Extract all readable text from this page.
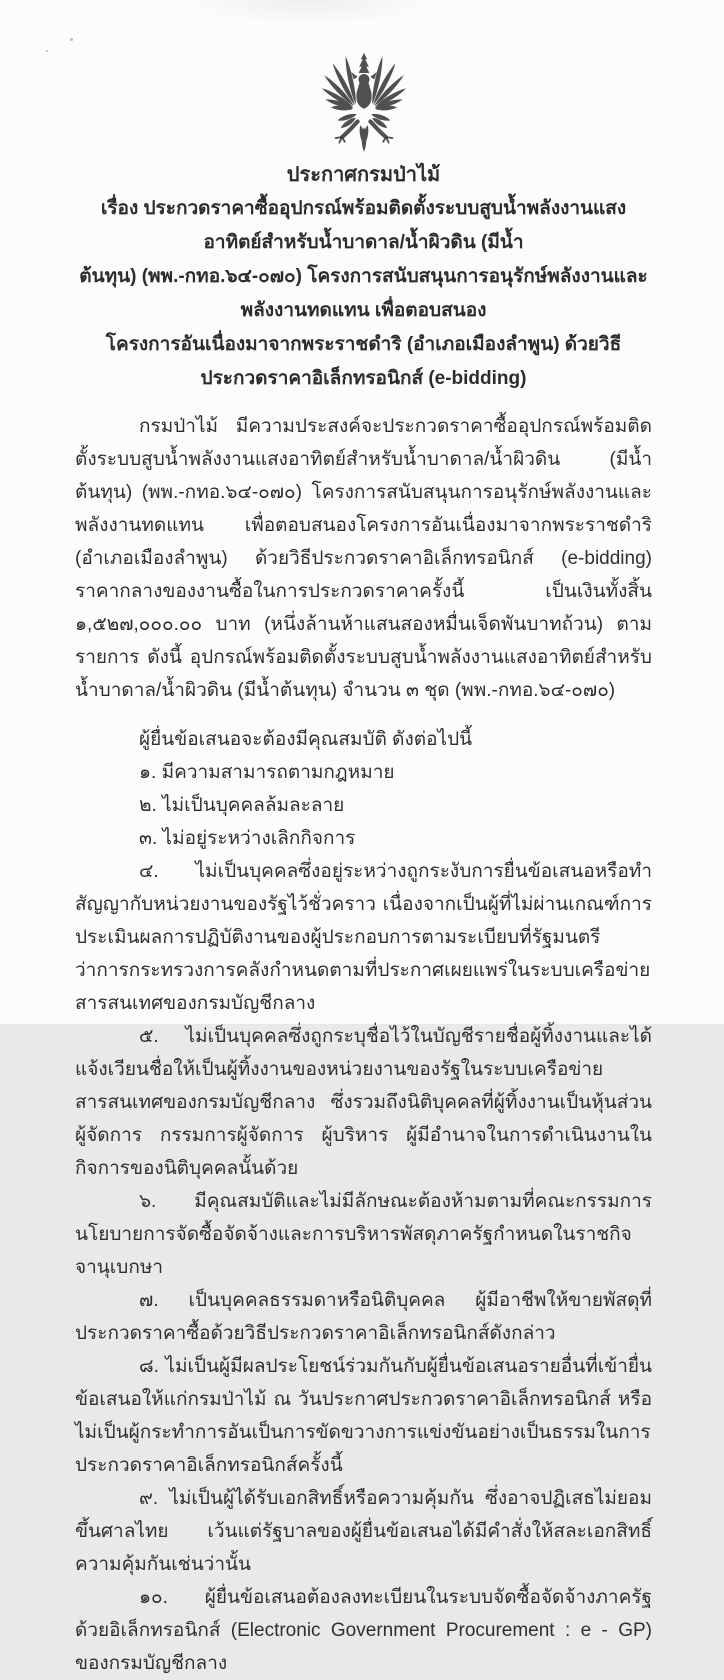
ประกาศกรมป่าไม้
เรื่อง ประกวดราคาซื้ออุปกรณ์พร้อมติดตั้งระบบสูบน้ำพลังงานแสงอาทิตย์สำหรับน้ำบาดาล/น้ำผิวดิน (มีน้ำ
ต้นทุน) (พพ.-กทอ.๖๔-๐๗๐) โครงการสนับสนุนการอนุรักษ์พลังงานและพลังงานทดแทน เพื่อตอบสนอง
โครงการอันเนื่องมาจากพระราชดำริ (อำเภอเมืองลำพูน) ด้วยวิธีประกวดราคาอิเล็กทรอนิกส์ (e-bidding)

กรมป่าไม้ มีความประสงค์จะประกวดราคาซื้ออุปกรณ์พร้อมติดตั้งระบบสูบน้ำพลังงานแสงอาทิตย์สำหรับน้ำบาดาล/น้ำผิวดิน (มีน้ำต้นทุน) (พพ.-กทอ.๖๔-๐๗๐) โครงการสนับสนุนการอนุรักษ์พลังงานและพลังงานทดแทน เพื่อตอบสนองโครงการอันเนื่องมาจากพระราชดำริ (อำเภอเมืองลำพูน) ด้วยวิธีประกวดราคาอิเล็กทรอนิกส์ (e-bidding) ราคากลางของงานซื้อในการประกวดราคาครั้งนี้ เป็นเงินทั้งสิ้น ๑,๕๒๗,๐๐๐.๐๐ บาท (หนึ่งล้านห้าแสนสองหมื่นเจ็ดพันบาทถ้วน) ตามรายการ ดังนี้ อุปกรณ์พร้อมติดตั้งระบบสูบน้ำพลังงานแสงอาทิตย์สำหรับน้ำบาดาล/น้ำผิวดิน (มีน้ำต้นทุน) จำนวน ๓ ชุด (พพ.-กทอ.๖๔-๐๗๐)

ผู้ยื่นข้อเสนอจะต้องมีคุณสมบัติ ดังต่อไปนี้

๑. มีความสามารถตามกฎหมาย

๒. ไม่เป็นบุคคลล้มละลาย

๓. ไม่อยู่ระหว่างเลิกกิจการ

๔. ไม่เป็นบุคคลซึ่งอยู่ระหว่างถูกระงับการยื่นข้อเสนอหรือทำสัญญากับหน่วยงานของรัฐไว้ชั่วคราว เนื่องจากเป็นผู้ที่ไม่ผ่านเกณฑ์การประเมินผลการปฏิบัติงานของผู้ประกอบการตามระเบียบที่รัฐมนตรีว่าการกระทรวงการคลังกำหนดตามที่ประกาศเผยแพร่ในระบบเครือข่ายสารสนเทศของกรมบัญชีกลาง

๕. ไม่เป็นบุคคลซึ่งถูกระบุชื่อไว้ในบัญชีรายชื่อผู้ทิ้งงานและได้แจ้งเวียนชื่อให้เป็นผู้ทิ้งงานของหน่วยงานของรัฐในระบบเครือข่ายสารสนเทศของกรมบัญชีกลาง ซึ่งรวมถึงนิติบุคคลที่ผู้ทิ้งงานเป็นหุ้นส่วนผู้จัดการ กรรมการผู้จัดการ ผู้บริหาร ผู้มีอำนาจในการดำเนินงานในกิจการของนิติบุคคลนั้นด้วย

๖. มีคุณสมบัติและไม่มีลักษณะต้องห้ามตามที่คณะกรรมการนโยบายการจัดซื้อจัดจ้างและการบริหารพัสดุภาครัฐกำหนดในราชกิจจานุเบกษา

๗. เป็นบุคคลธรรมดาหรือนิติบุคคล ผู้มีอาชีพให้ขายพัสดุที่ประกวดราคาซื้อด้วยวิธีประกวดราคาอิเล็กทรอนิกส์ดังกล่าว

๘. ไม่เป็นผู้มีผลประโยชน์ร่วมกันกับผู้ยื่นข้อเสนอรายอื่นที่เข้ายื่นข้อเสนอให้แก่กรมป่าไม้ ณ วันประกาศประกวดราคาอิเล็กทรอนิกส์ หรือไม่เป็นผู้กระทำการอันเป็นการขัดขวางการแข่งขันอย่างเป็นธรรมในการประกวดราคาอิเล็กทรอนิกส์ครั้งนี้

๙. ไม่เป็นผู้ได้รับเอกสิทธิ์หรือความคุ้มกัน ซึ่งอาจปฏิเสธไม่ยอมขึ้นศาลไทย เว้นแต่รัฐบาลของผู้ยื่นข้อเสนอได้มีคำสั่งให้สละเอกสิทธิ์ความคุ้มกันเช่นว่านั้น

๑๐. ผู้ยื่นข้อเสนอต้องลงทะเบียนในระบบจัดซื้อจัดจ้างภาครัฐด้วยอิเล็กทรอนิกส์ (Electronic Government Procurement : e - GP) ของกรมบัญชีกลาง
